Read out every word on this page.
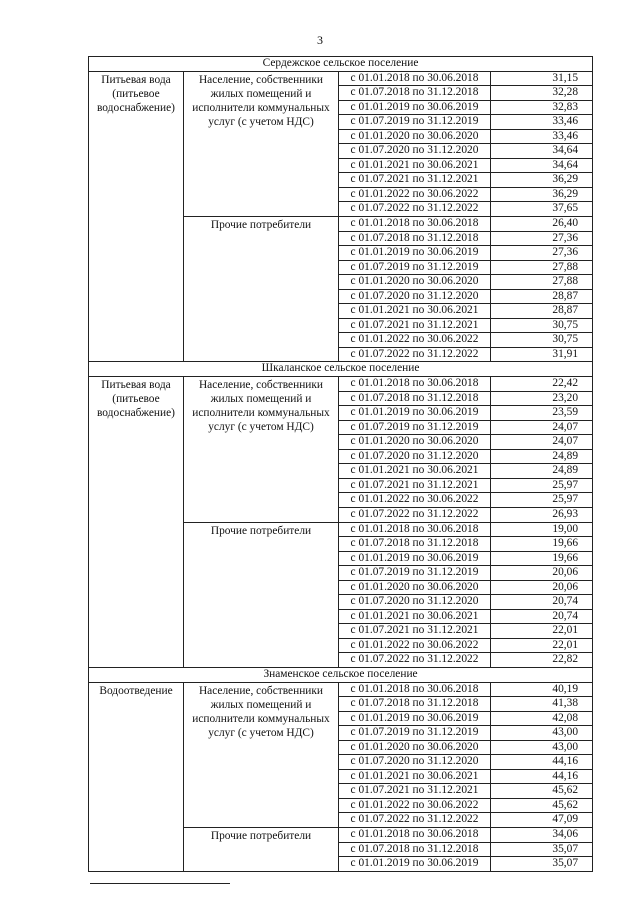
3
Сердежское сельское поселение			
Питьевая вода (питьевое водоснабжение)	Население, собственники жилых помещений и исполнители коммунальных услуг (с учетом НДС)	с 01.01.2018 по 30.06.2018	31,15
		с 01.07.2018 по 31.12.2018	32,28
		с 01.01.2019 по 30.06.2019	32,83
		с 01.07.2019 по 31.12.2019	33,46
		с 01.01.2020 по 30.06.2020	33,46
		с 01.07.2020 по 31.12.2020	34,64
		с 01.01.2021 по 30.06.2021	34,64
		с 01.07.2021 по 31.12.2021	36,29
		с 01.01.2022 по 30.06.2022	36,29
		с 01.07.2022 по 31.12.2022	37,65
	Прочие потребители	с 01.01.2018 по 30.06.2018	26,40
		с 01.07.2018 по 31.12.2018	27,36
		с 01.01.2019 по 30.06.2019	27,36
		с 01.07.2019 по 31.12.2019	27,88
		с 01.01.2020 по 30.06.2020	27,88
		с 01.07.2020 по 31.12.2020	28,87
		с 01.01.2021 по 30.06.2021	28,87
		с 01.07.2021 по 31.12.2021	30,75
		с 01.01.2022 по 30.06.2022	30,75
		с 01.07.2022 по 31.12.2022	31,91
Шкаланское сельское поселение			
Питьевая вода (питьевое водоснабжение)	Население, собственники жилых помещений и исполнители коммунальных услуг (с учетом НДС)	с 01.01.2018 по 30.06.2018	22,42
		с 01.07.2018 по 31.12.2018	23,20
		с 01.01.2019 по 30.06.2019	23,59
		с 01.07.2019 по 31.12.2019	24,07
		с 01.01.2020 по 30.06.2020	24,07
		с 01.07.2020 по 31.12.2020	24,89
		с 01.01.2021 по 30.06.2021	24,89
		с 01.07.2021 по 31.12.2021	25,97
		с 01.01.2022 по 30.06.2022	25,97
		с 01.07.2022 по 31.12.2022	26,93
	Прочие потребители	с 01.01.2018 по 30.06.2018	19,00
		с 01.07.2018 по 31.12.2018	19,66
		с 01.01.2019 по 30.06.2019	19,66
		с 01.07.2019 по 31.12.2019	20,06
		с 01.01.2020 по 30.06.2020	20,06
		с 01.07.2020 по 31.12.2020	20,74
		с 01.01.2021 по 30.06.2021	20,74
		с 01.07.2021 по 31.12.2021	22,01
		с 01.01.2022 по 30.06.2022	22,01
		с 01.07.2022 по 31.12.2022	22,82
Знаменское сельское поселение			
Водоотведение	Население, собственники жилых помещений и исполнители коммунальных услуг (с учетом НДС)	с 01.01.2018 по 30.06.2018	40,19
		с 01.07.2018 по 31.12.2018	41,38
		с 01.01.2019 по 30.06.2019	42,08
		с 01.07.2019 по 31.12.2019	43,00
		с 01.01.2020 по 30.06.2020	43,00
		с 01.07.2020 по 31.12.2020	44,16
		с 01.01.2021 по 30.06.2021	44,16
		с 01.07.2021 по 31.12.2021	45,62
		с 01.01.2022 по 30.06.2022	45,62
		с 01.07.2022 по 31.12.2022	47,09
	Прочие потребители	с 01.01.2018 по 30.06.2018	34,06
		с 01.07.2018 по 31.12.2018	35,07
		с 01.01.2019 по 30.06.2019	35,07
